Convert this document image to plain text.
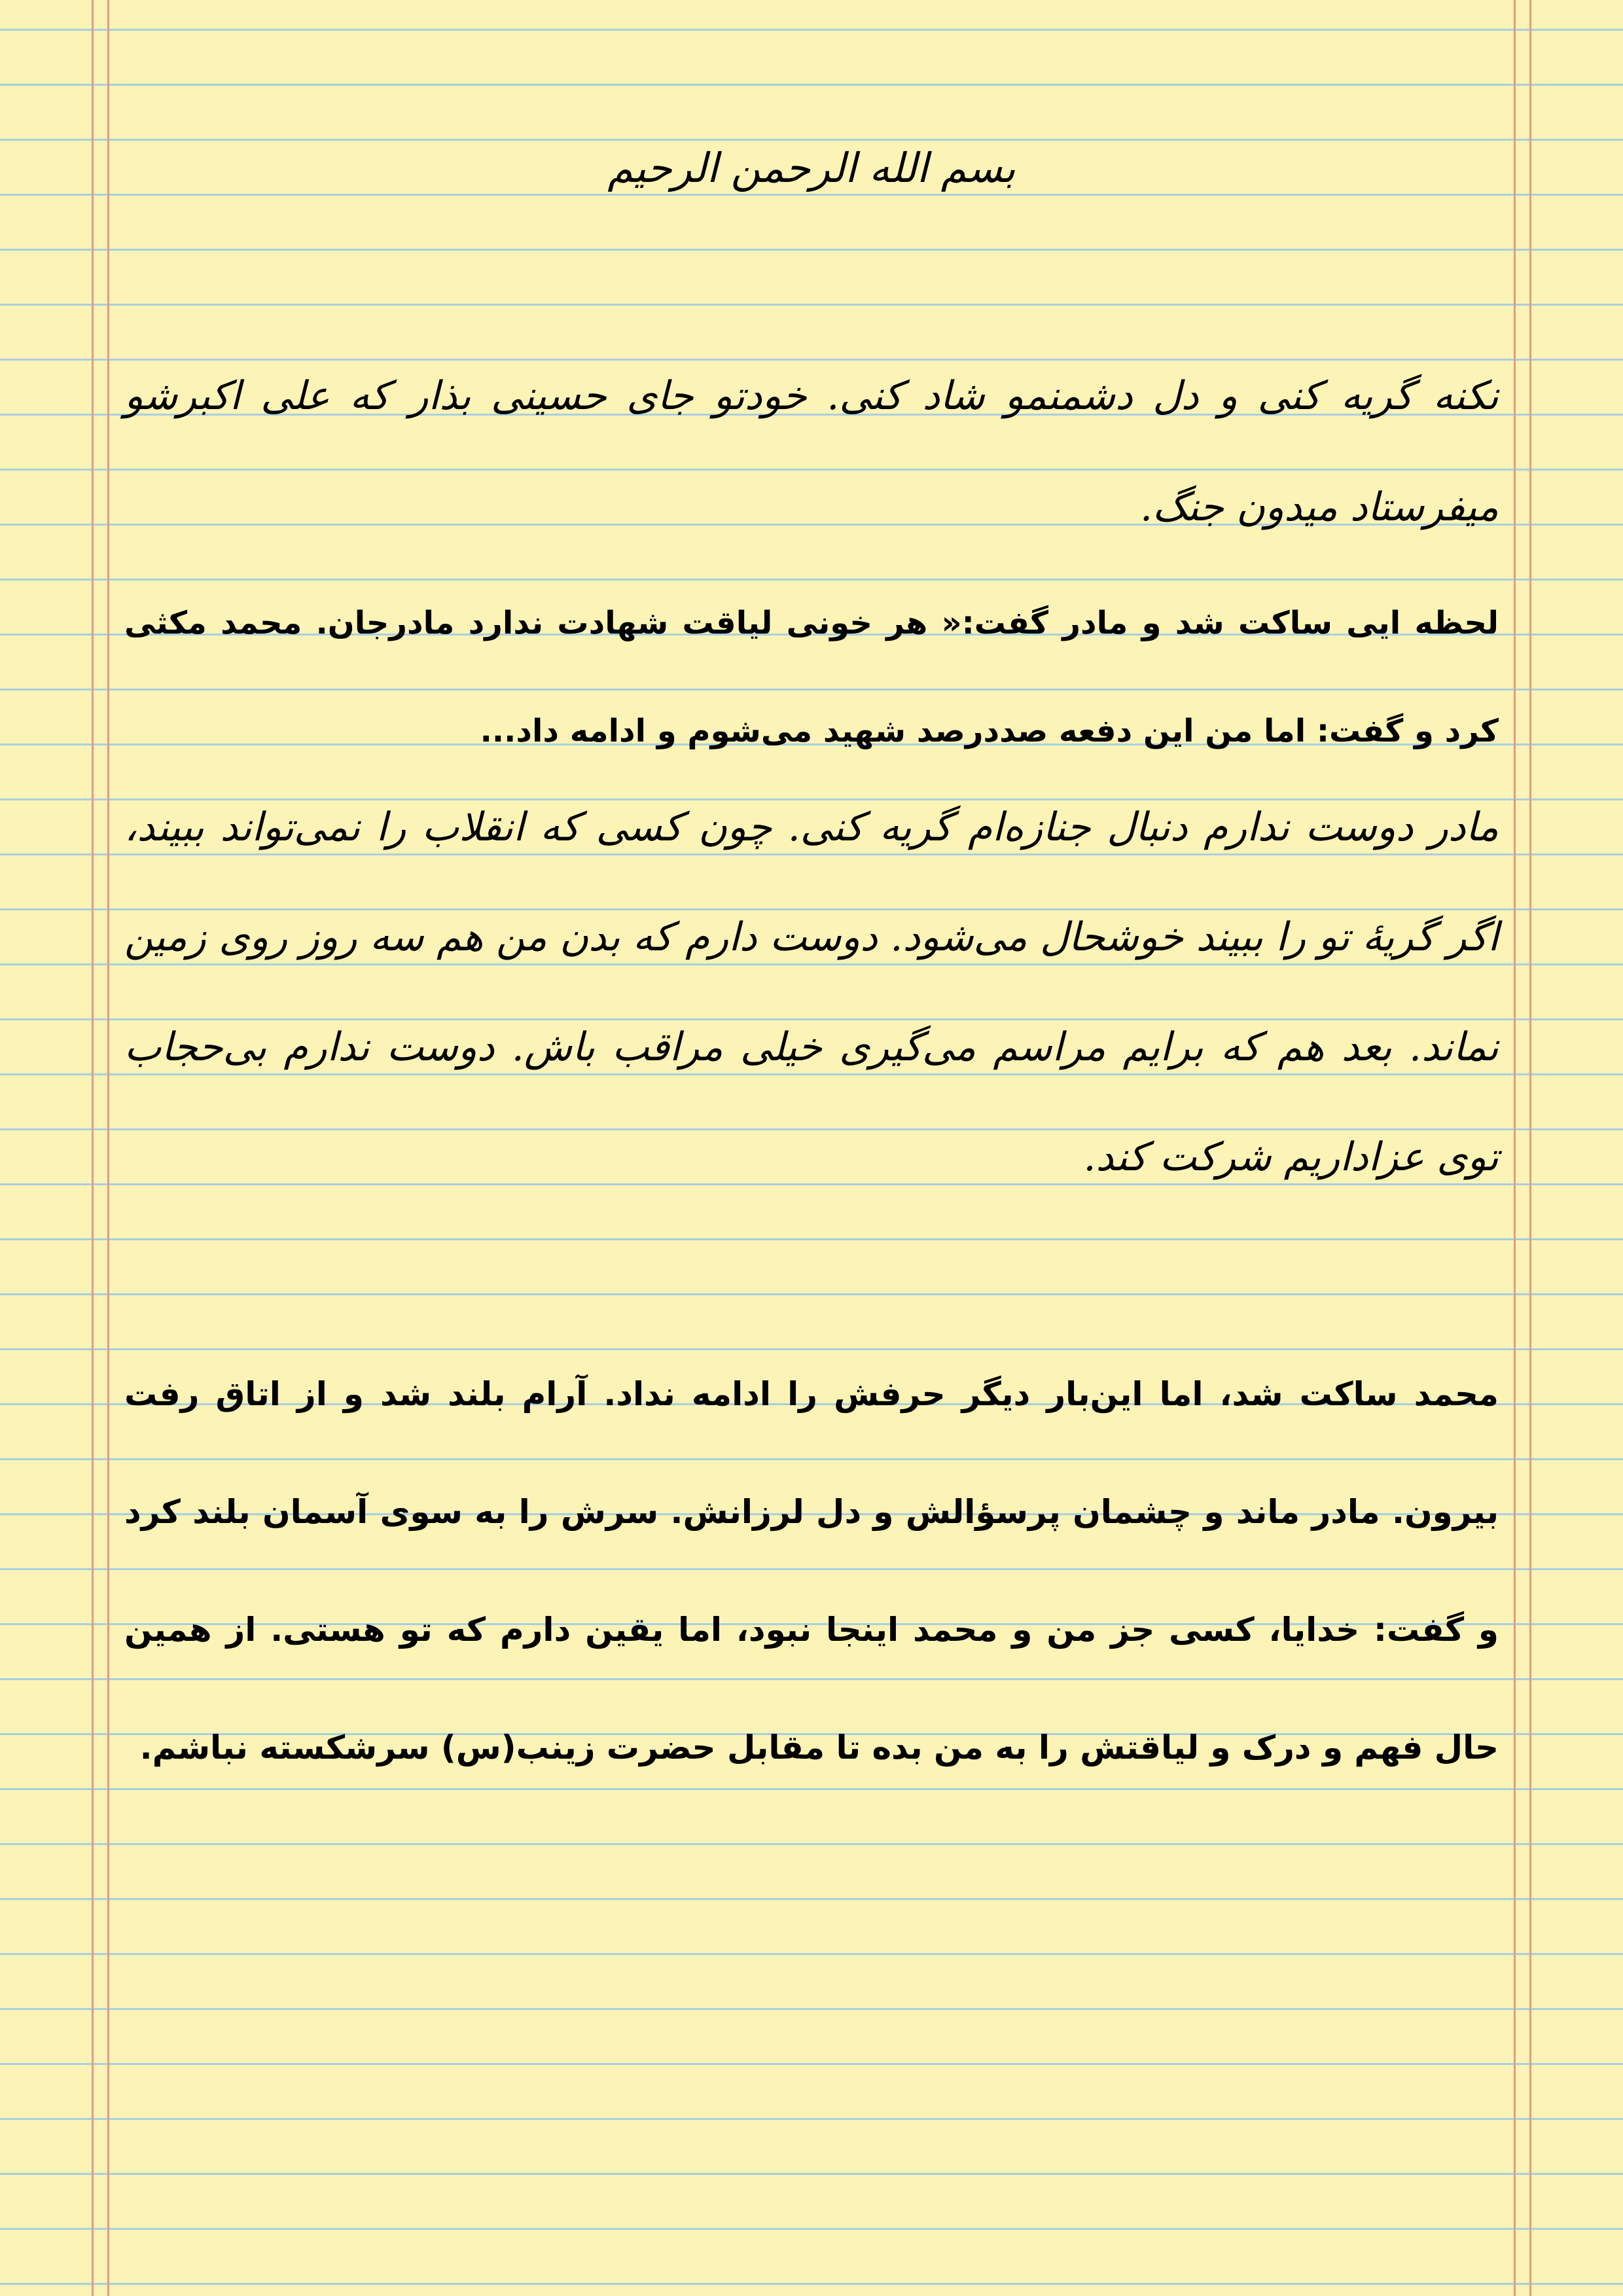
بسم الله الرحمن الرحیم

نکنه گریه کنی و دل دشمنمو شاد کنی. خودتو جای حسینی بذار که علی اکبرشو میفرستاد میدون جنگ.

لحظه ایی ساکت شد و مادر گفت:« هر خونی لیاقت شهادت ندارد مادرجان. محمد مکثی کرد و گفت: اما من این دفعه صددرصد شهید می‌شوم و ادامه داد...

مادر دوست ندارم دنبال جنازه‌ام گریه کنی. چون کسی که انقلاب را نمی‌تواند ببیند، اگر گریهٔ تو را ببیند خوشحال می‌شود. دوست دارم که بدن من هم سه روز روی زمین نماند. بعد هم که برایم مراسم می‌گیری خیلی مراقب باش. دوست ندارم بی‌حجاب توی عزاداریم شرکت کند.

محمد ساکت شد، اما این‌بار دیگر حرفش را ادامه نداد. آرام بلند شد و از اتاق رفت بیرون. مادر ماند و چشمان پرسؤالش و دل لرزانش. سرش را به سوی آسمان بلند کرد و گفت: خدایا، کسی جز من و محمد اینجا نبود، اما یقین دارم که تو هستی. از همین حال فهم و درک و لیاقتش را به من بده تا مقابل حضرت زینب(س) سرشکسته نباشم.
